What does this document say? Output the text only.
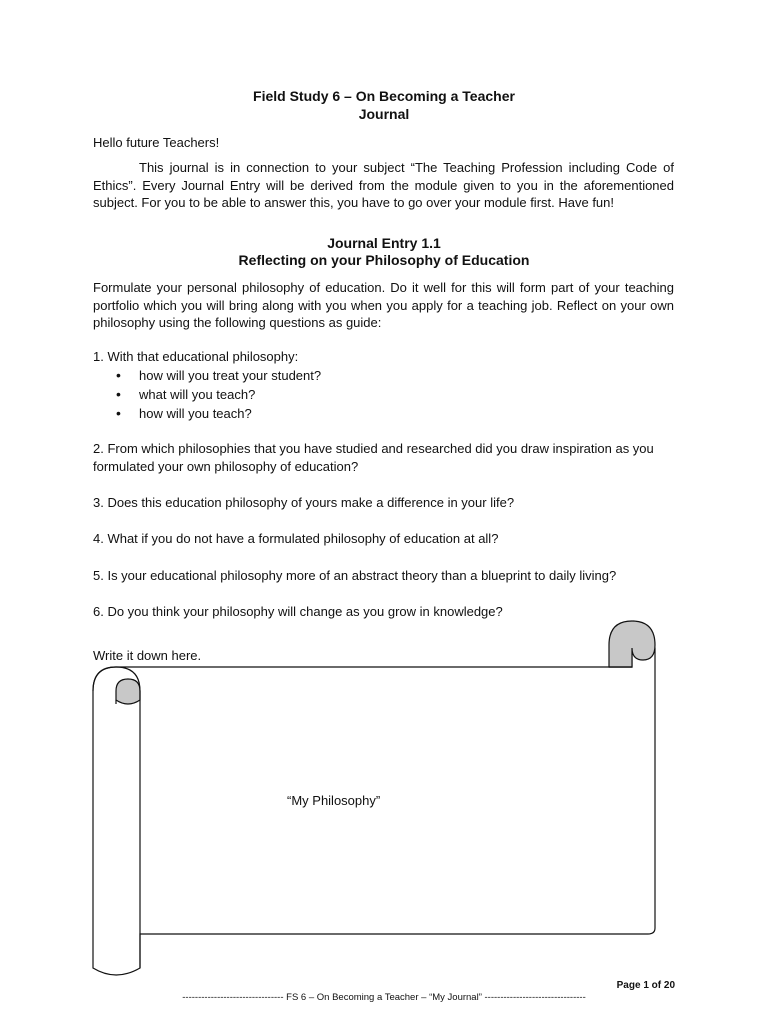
Field Study 6 – On Becoming a Teacher
Journal
Hello future Teachers!
This journal is in connection to your subject “The Teaching Profession including Code of Ethics”. Every Journal Entry will be derived from the module given to you in the aforementioned subject. For you to be able to answer this, you have to go over your module first. Have fun!
Journal Entry 1.1
Reflecting on your Philosophy of Education
Formulate your personal philosophy of education. Do it well for this will form part of your teaching portfolio which you will bring along with you when you apply for a teaching job. Reflect on your own philosophy using the following questions as guide:
1. With that educational philosophy:
• how will you treat your student?
• what will you teach?
• how will you teach?
2. From which philosophies that you have studied and researched did you draw inspiration as you formulated your own philosophy of education?
3. Does this education philosophy of yours make a difference in your life?
4. What if you do not have a formulated philosophy of education at all?
5. Is your educational philosophy more of an abstract theory than a blueprint to daily living?
6. Do you think your philosophy will change as you grow in knowledge?
Write it down here.
“My Philosophy”
Page 1 of 20
-------------------------------- FS 6 – On Becoming a Teacher – “My Journal” --------------------------------
